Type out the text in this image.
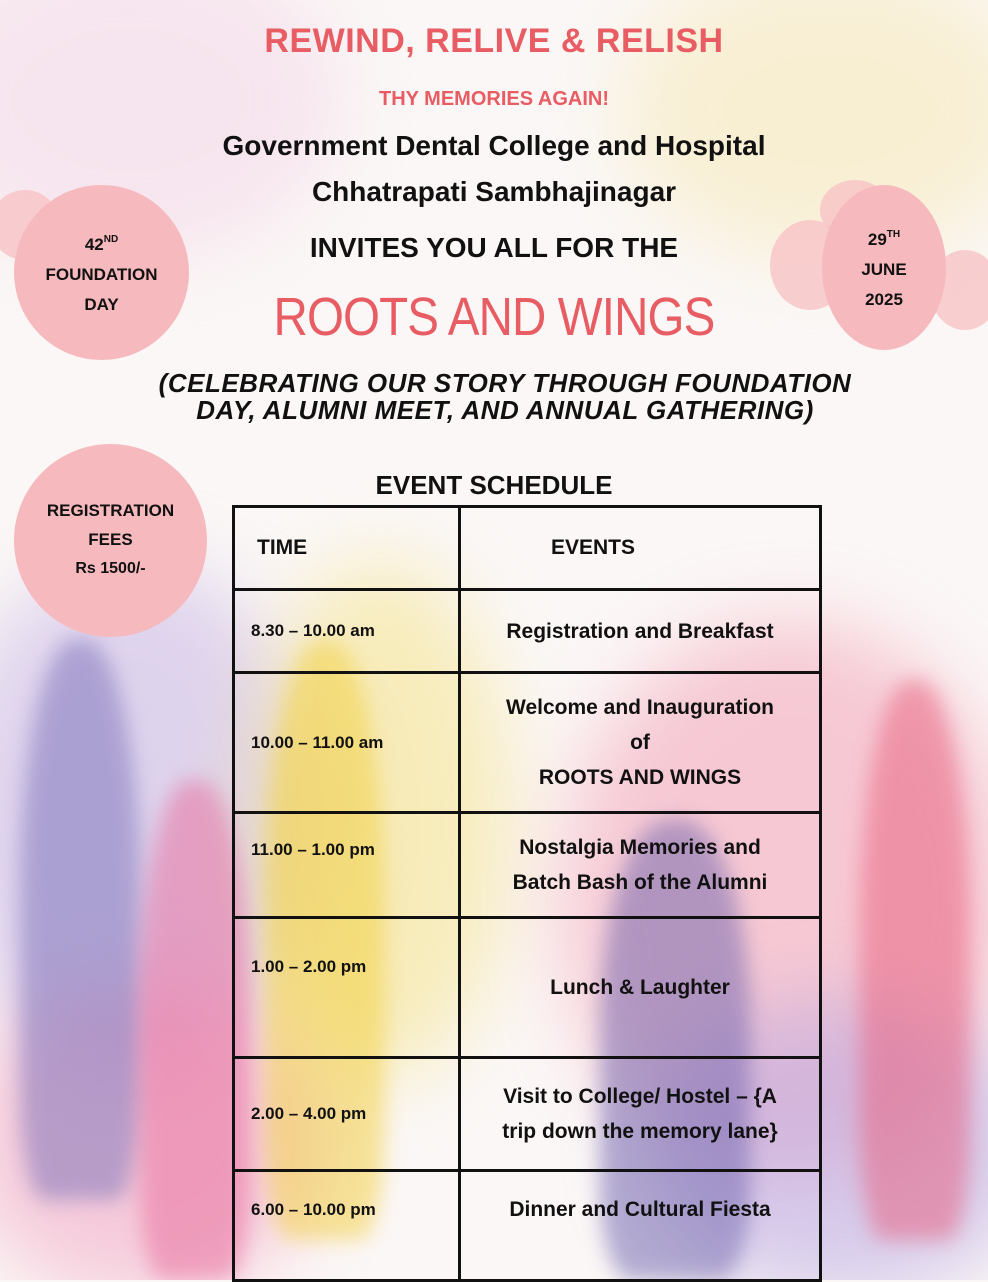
REWIND, RELIVE & RELISH
THY MEMORIES AGAIN!
Government Dental College and Hospital
Chhatrapati Sambhajinagar
INVITES YOU ALL FOR THE
ROOTS AND WINGS
(CELEBRATING OUR STORY THROUGH FOUNDATION DAY, ALUMNI MEET, AND ANNUAL GATHERING)
42ND
FOUNDATION
DAY
29TH
JUNE
2025
REGISTRATION
FEES
Rs 1500/-
EVENT SCHEDULE
TIME	EVENTS
8.30 – 10.00 am	Registration and Breakfast
10.00 – 11.00 am	Welcome and Inauguration
of
ROOTS AND WINGS
11.00 – 1.00 pm	Nostalgia Memories and
Batch Bash of the Alumni
1.00 – 2.00 pm	Lunch & Laughter
2.00 – 4.00 pm	Visit to College/ Hostel – {A
trip down the memory lane}
6.00 – 10.00 pm	Dinner and Cultural Fiesta
